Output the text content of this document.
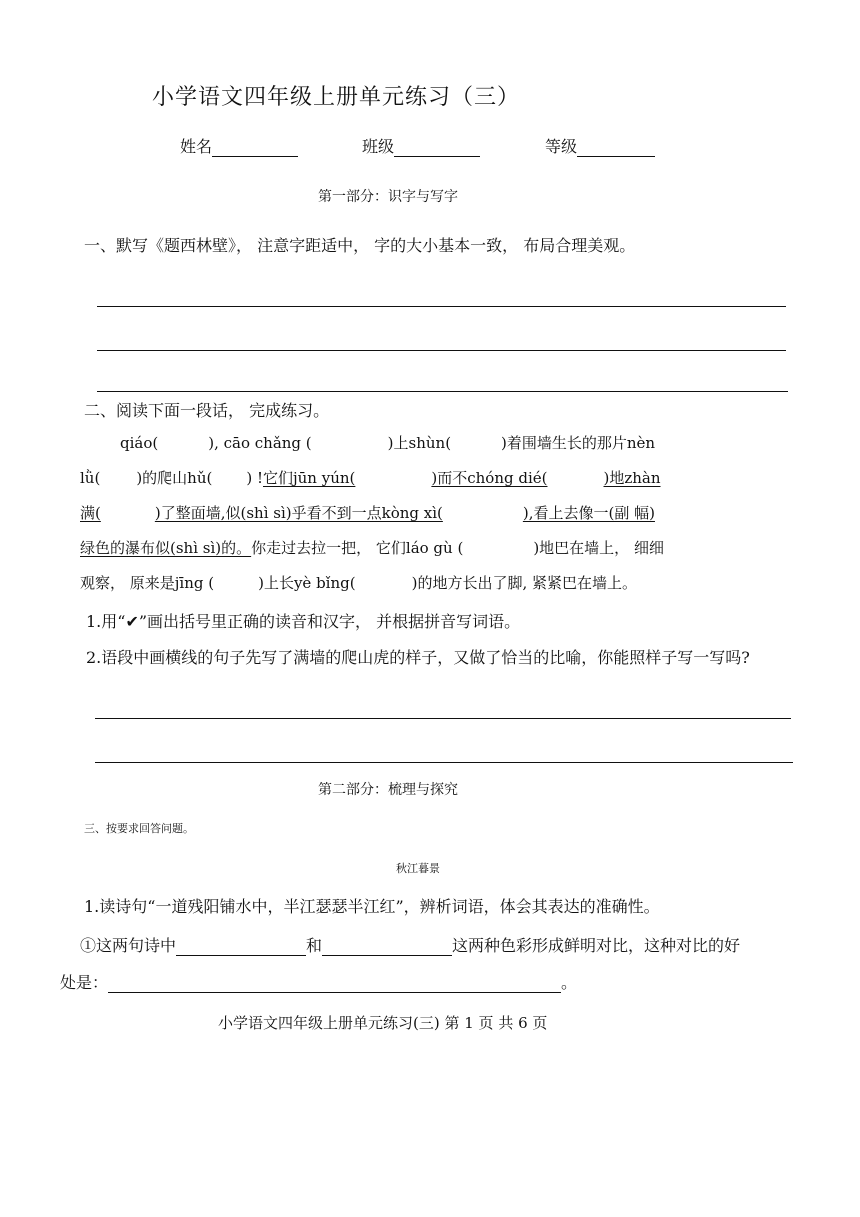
小学语文四年级上册单元练习（三）
姓名	班级	等级
第一部分：识字与写字
一、默写《题西林壁》， 注意字距适中， 字的大小基本一致， 布局合理美观。
二、阅读下面一段话， 完成练习。
qiáo(	), cāo chǎng (	)上shùn(	)着围墙生长的那片nèn
lǜ( )的爬山hǔ( ) !它们jūn yún(	)而不chóng dié(	)地zhàn
满(	)了整面墙,似(shì sì)乎看不到一点kòng xì(	),看上去像一(副 幅)
绿色的瀑布似(shì sì)的。你走过去拉一把， 它们láo gù (	)地巴在墙上， 细细
观察， 原来是jīng (	)上长yè bǐng(	)的地方长出了脚, 紧紧巴在墙上。
1.用“✔”画出括号里正确的读音和汉字， 并根据拼音写词语。
2.语段中画横线的句子先写了满墙的爬山虎的样子，又做了恰当的比喻，你能照样子写一写吗?
第二部分：梳理与探究
三、按要求回答问题。
秋江暮景
1.读诗句“一道残阳铺水中，半江瑟瑟半江红”，辨析词语，体会其表达的准确性。
①这两句诗中	和	这两种色彩形成鲜明对比，这种对比的好
处是：	。
小学语文四年级上册单元练习(三) 第 1 页 共 6 页
